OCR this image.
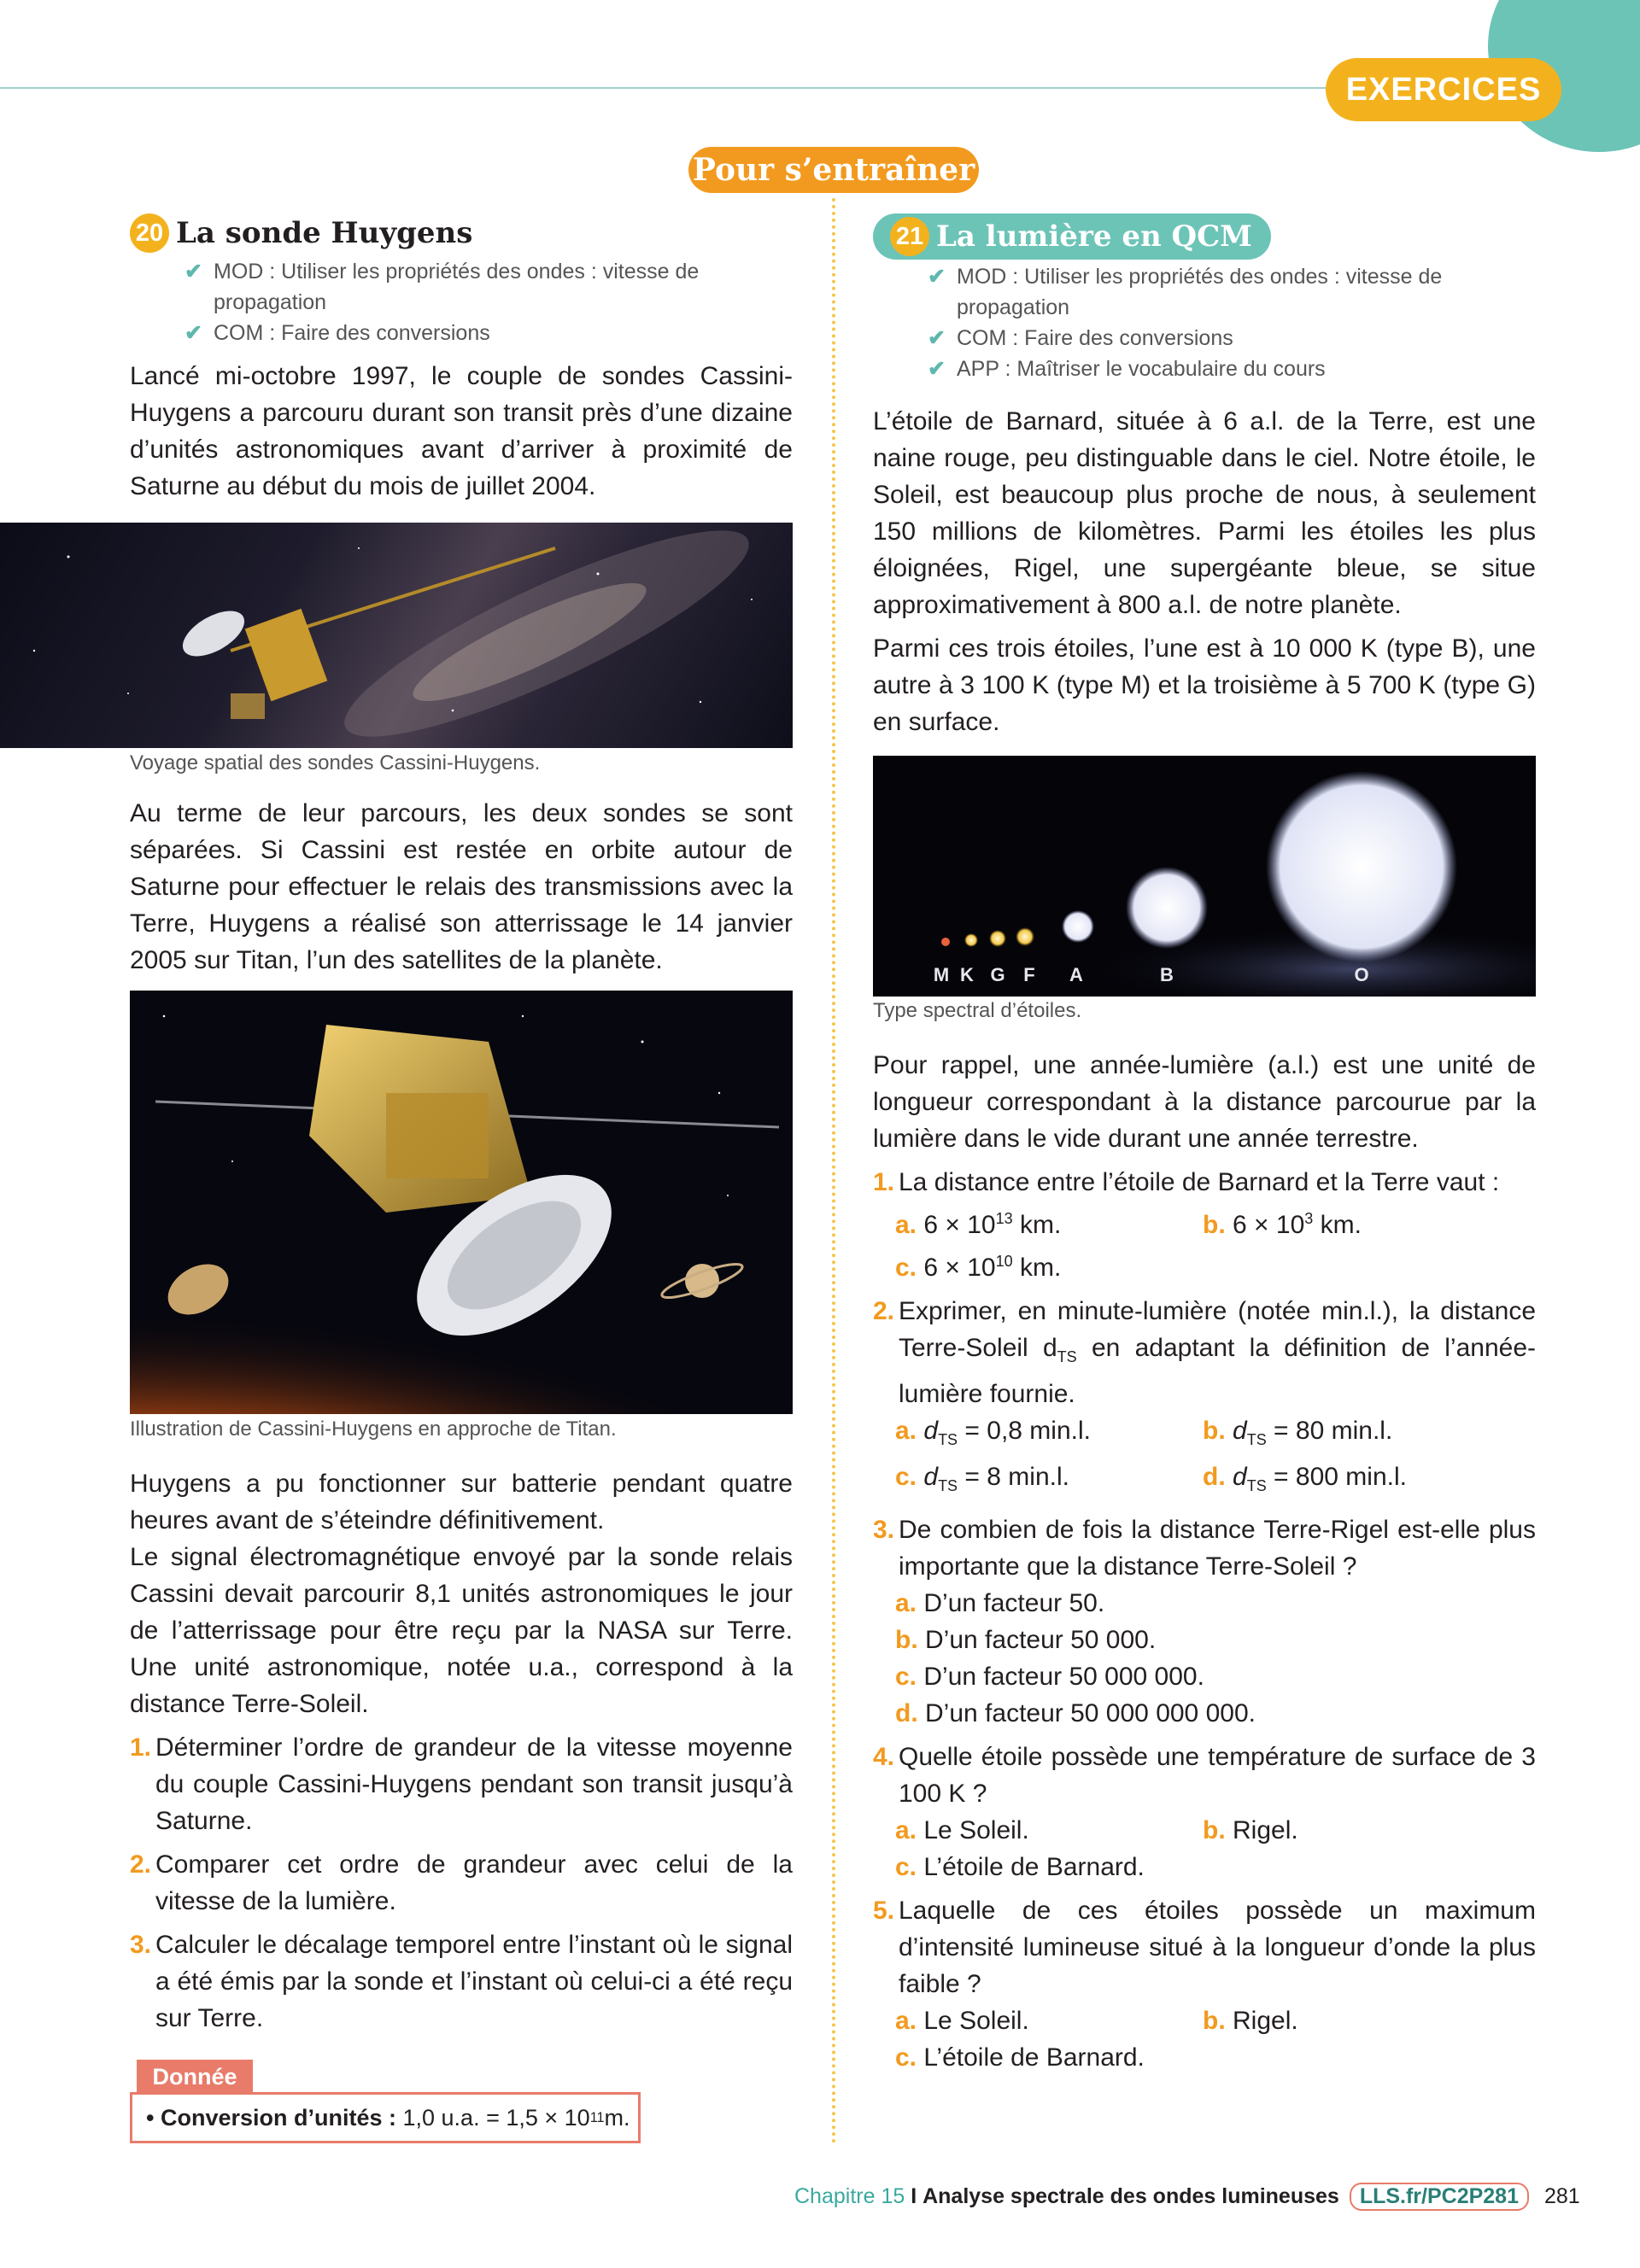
EXERCICES
Pour s’entraîner
20 La sonde Huygens
✔ MOD : Utiliser les propriétés des ondes : vitesse de propagation
✔ COM : Faire des conversions

Lancé mi-octobre 1997, le couple de sondes Cassini-Huygens a parcouru durant son transit près d’une dizaine d’unités astronomiques avant d’arriver à proximité de Saturne au début du mois de juillet 2004.

Voyage spatial des sondes Cassini-Huygens.

Au terme de leur parcours, les deux sondes se sont séparées. Si Cassini est restée en orbite autour de Saturne pour effectuer le relais des transmissions avec la Terre, Huygens a réalisé son atterrissage le 14 janvier 2005 sur Titan, l’un des satellites de la planète.

Illustration de Cassini-Huygens en approche de Titan.

Huygens a pu fonctionner sur batterie pendant quatre heures avant de s’éteindre définitivement.

Le signal électromagnétique envoyé par la sonde relais Cassini devait parcourir 8,1 unités astronomiques le jour de l’atterrissage pour être reçu par la NASA sur Terre. Une unité astronomique, notée u.a., correspond à la distance Terre-Soleil.

1. Déterminer l’ordre de grandeur de la vitesse moyenne du couple Cassini-Huygens pendant son transit jusqu’à Saturne.
2. Comparer cet ordre de grandeur avec celui de la vitesse de la lumière.
3. Calculer le décalage temporel entre l’instant où le signal a été émis par la sonde et l’instant où celui-ci a été reçu sur Terre.
Donnée
• Conversion d’unités :
1,0 u.a. = 1,5 × 10 11 m.
21 La lumière en QCM
✔ MOD : Utiliser les propriétés des ondes : vitesse de propagation
✔ COM : Faire des conversions
✔ APP : Maîtriser le vocabulaire du cours

L’étoile de Barnard, située à 6 a.l. de la Terre, est une naine rouge, peu distinguable dans le ciel. Notre étoile, le Soleil, est beaucoup plus proche de nous, à seulement 150 millions de kilomètres. Parmi les étoiles les plus éloignées, Rigel, une supergéante bleue, se situe approximativement à 800 a.l. de notre planète.

Parmi ces trois étoiles, l’une est à 10 000 K (type B), une autre à 3 100 K (type M) et la troisième à 5 700 K (type G) en surface.

M K G F A	B	O
Type spectral d’étoiles.

Pour rappel, une année-lumière (a.l.) est une unité de longueur correspondant à la distance parcourue par la lumière dans le vide durant une année terrestre.

1. La distance entre l’étoile de Barnard et la Terre vaut :
a. $6 \times 10^{13}$ km.	b. $6 \times 10^3$ km.
c. $6 \times 10^{10}$ km.
2. Exprimer, en minute-lumière (notée min.l.), la distance Terre-Soleil $d_{TS}$ en adaptant la définition de l’année-lumière fournie.
a. $d_{TS} = 0,8$ min.l.	b. $d_{TS} = 80$ min.l.
c. $d_{TS} = 8$ min.l.	d. $d_{TS} = 800$ min.l.
3. De combien de fois la distance Terre-Rigel est-elle plus importante que la distance Terre-Soleil ?
a. D’un facteur 50.
b. D’un facteur 50 000.
c. D’un facteur 50 000 000.
d. D’un facteur 50 000 000 000.
4. Quelle étoile possède une température de surface de 3 100 K ?
a. Le Soleil.	b. Rigel.
c. L’étoile de Barnard.
5. Laquelle de ces étoiles possède un maximum d’intensité lumineuse situé à la longueur d’onde la plus faible ?
a. Le Soleil.	b. Rigel.
c. L’étoile de Barnard.
Chapitre 15 I Analyse spectrale des ondes lumineuses LLS.fr/PC2P281	281
